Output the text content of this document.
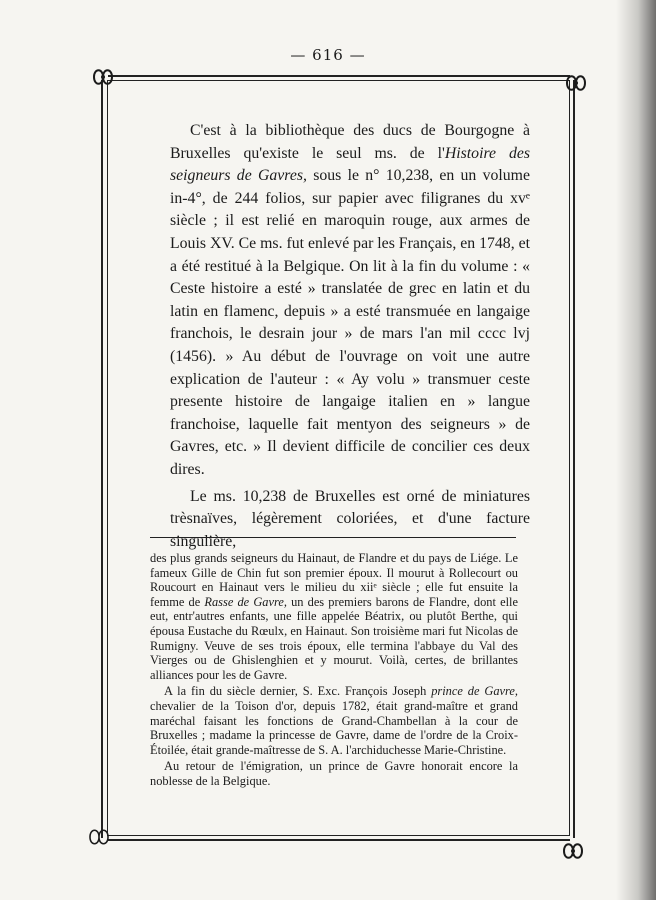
— 616 —

C'est à la bibliothèque des ducs de Bourgogne à Bruxelles qu'existe le seul ms. de l'Histoire des seigneurs de Gavres, sous le n° 10,238, en un volume in-4°, de 244 folios, sur papier avec filigranes du xvᵉ siècle ; il est relié en maroquin rouge, aux armes de Louis XV. Ce ms. fut enlevé par les Français, en 1748, et a été restitué à la Belgique. On lit à la fin du volume : « Ceste histoire a esté » translatée de grec en latin et du latin en flamenc, depuis » a esté transmuée en langaige franchois, le desrain jour » de mars l'an mil cccc lvj (1456). » Au début de l'ouvrage on voit une autre explication de l'auteur : « Ay volu » transmuer ceste presente histoire de langaige italien en » langue franchoise, laquelle fait mentyon des seigneurs » de Gavres, etc. » Il devient difficile de concilier ces deux dires.

Le ms. 10,238 de Bruxelles est orné de miniatures trèsnaïves, légèrement coloriées, et d'une facture singulière,

des plus grands seigneurs du Hainaut, de Flandre et du pays de Liége. Le fameux Gille de Chin fut son premier époux. Il mourut à Rollecourt ou Roucourt en Hainaut vers le milieu du xiiᵉ siècle ; elle fut ensuite la femme de Rasse de Gavre, un des premiers barons de Flandre, dont elle eut, entr'autres enfants, une fille appelée Béatrix, ou plutôt Berthe, qui épousa Eustache du Rœulx, en Hainaut. Son troisième mari fut Nicolas de Rumigny. Veuve de ses trois époux, elle termina l'abbaye du Val des Vierges ou de Ghislenghien et y mourut. Voilà, certes, de brillantes alliances pour les de Gavre.

A la fin du siècle dernier, S. Exc. François Joseph prince de Gavre, chevalier de la Toison d'or, depuis 1782, était grand-maître et grand maréchal faisant les fonctions de Grand-Chambellan à la cour de Bruxelles ; madame la princesse de Gavre, dame de l'ordre de la Croix-Étoilée, était grande-maîtresse de S. A. l'archiduchesse Marie-Christine.

Au retour de l'émigration, un prince de Gavre honorait encore la noblesse de la Belgique.
